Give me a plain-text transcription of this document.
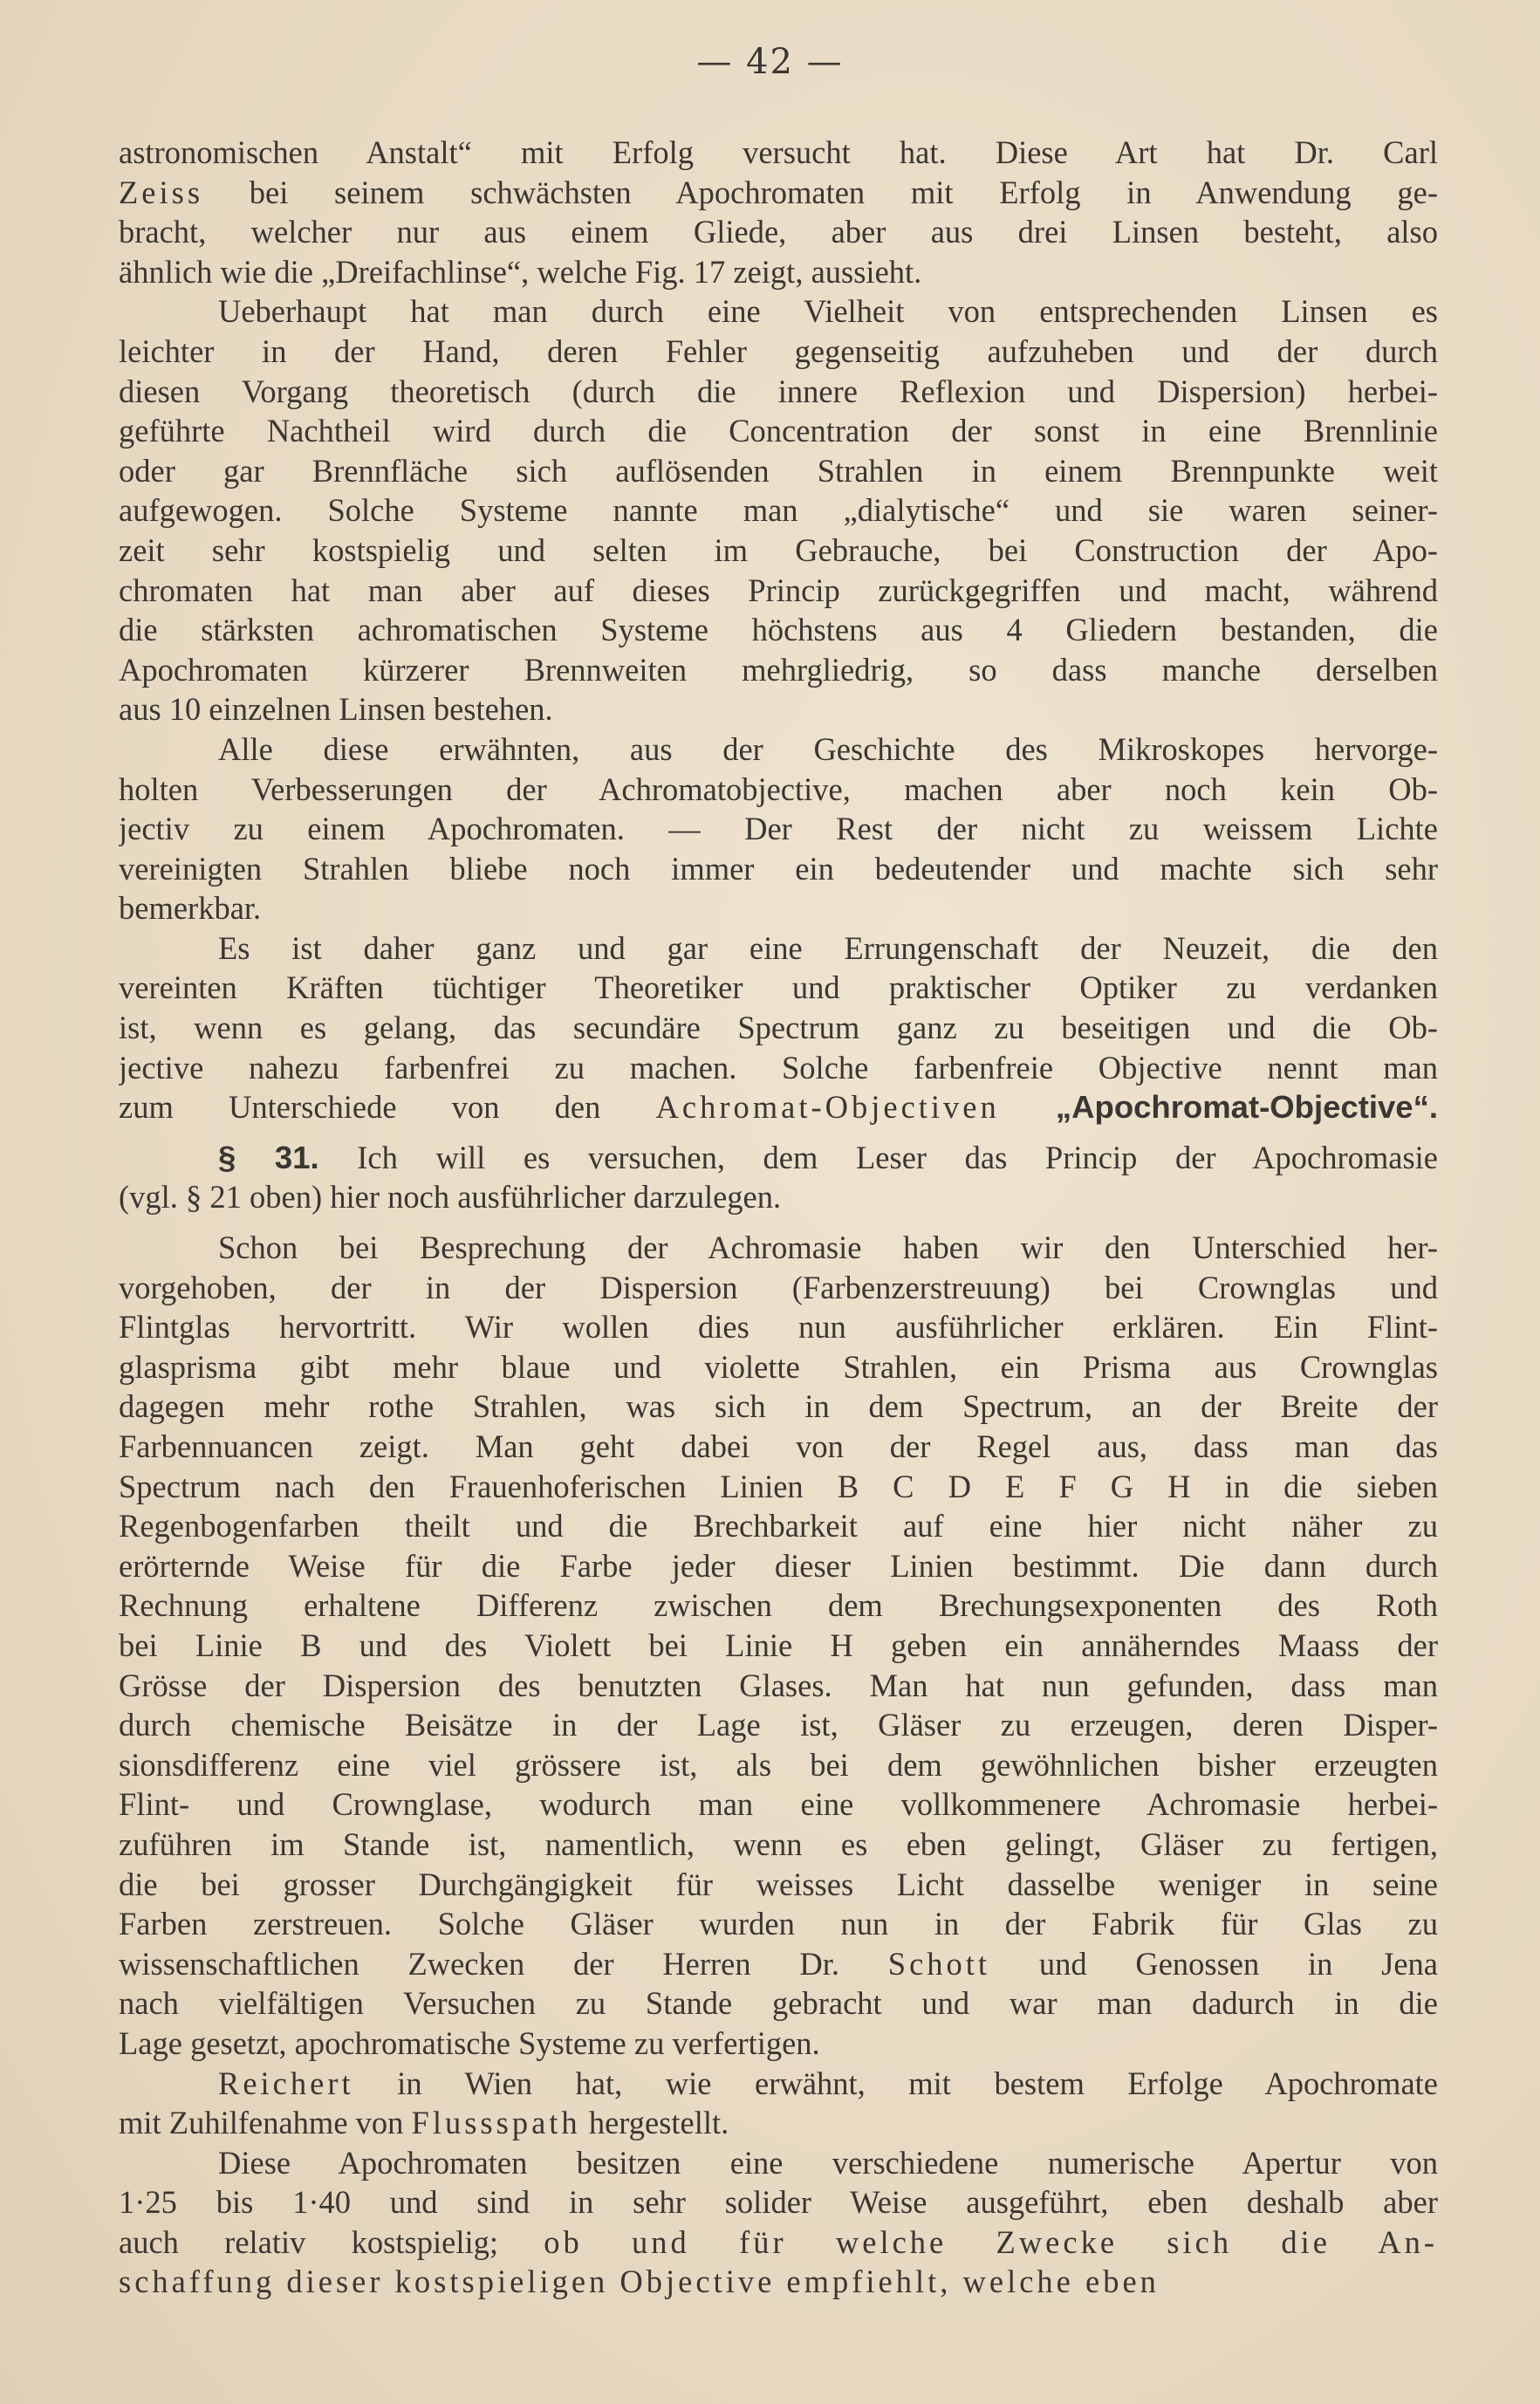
— 42 —

astronomischen Anstalt“ mit Erfolg versucht hat. Diese Art hat Dr. Carl
Zeiss bei seinem schwächsten Apochromaten mit Erfolg in Anwendung ge-
bracht, welcher nur aus einem Gliede, aber aus drei Linsen besteht, also
ähnlich wie die „Dreifachlinse“, welche Fig. 17 zeigt, aussieht.

Ueberhaupt hat man durch eine Vielheit von entsprechenden Linsen es
leichter in der Hand, deren Fehler gegenseitig aufzuheben und der durch
diesen Vorgang theoretisch (durch die innere Reflexion und Dispersion) herbei-
geführte Nachtheil wird durch die Concentration der sonst in eine Brennlinie
oder gar Brennfläche sich auflösenden Strahlen in einem Brennpunkte weit
aufgewogen. Solche Systeme nannte man „dialytische“ und sie waren seiner-
zeit sehr kostspielig und selten im Gebrauche, bei Construction der Apo-
chromaten hat man aber auf dieses Princip zurückgegriffen und macht, während
die stärksten achromatischen Systeme höchstens aus 4 Gliedern bestanden, die
Apochromaten kürzerer Brennweiten mehrgliedrig, so dass manche derselben
aus 10 einzelnen Linsen bestehen.

Alle diese erwähnten, aus der Geschichte des Mikroskopes hervorge-
holten Verbesserungen der Achromatobjective, machen aber noch kein Ob-
jectiv zu einem Apochromaten. — Der Rest der nicht zu weissem Lichte
vereinigten Strahlen bliebe noch immer ein bedeutender und machte sich sehr
bemerkbar.

Es ist daher ganz und gar eine Errungenschaft der Neuzeit, die den
vereinten Kräften tüchtiger Theoretiker und praktischer Optiker zu verdanken
ist, wenn es gelang, das secundäre Spectrum ganz zu beseitigen und die Ob-
jective nahezu farbenfrei zu machen. Solche farbenfreie Objective nennt man
zum Unterschiede von den Achromat-Objectiven „Apochromat-Objective“.

§ 31. Ich will es versuchen, dem Leser das Princip der Apochromasie
(vgl. § 21 oben) hier noch ausführlicher darzulegen.

Schon bei Besprechung der Achromasie haben wir den Unterschied her-
vorgehoben, der in der Dispersion (Farbenzerstreuung) bei Crownglas und
Flintglas hervortritt. Wir wollen dies nun ausführlicher erklären. Ein Flint-
glasprisma gibt mehr blaue und violette Strahlen, ein Prisma aus Crownglas
dagegen mehr rothe Strahlen, was sich in dem Spectrum, an der Breite der
Farbennuancen zeigt. Man geht dabei von der Regel aus, dass man das
Spectrum nach den Frauenhoferischen Linien B C D E F G H in die sieben
Regenbogenfarben theilt und die Brechbarkeit auf eine hier nicht näher zu
erörternde Weise für die Farbe jeder dieser Linien bestimmt. Die dann durch
Rechnung erhaltene Differenz zwischen dem Brechungsexponenten des Roth
bei Linie B und des Violett bei Linie H geben ein annäherndes Maass der
Grösse der Dispersion des benutzten Glases. Man hat nun gefunden, dass man
durch chemische Beisätze in der Lage ist, Gläser zu erzeugen, deren Disper-
sionsdifferenz eine viel grössere ist, als bei dem gewöhnlichen bisher erzeugten
Flint- und Crownglase, wodurch man eine vollkommenere Achromasie herbei-
zuführen im Stande ist, namentlich, wenn es eben gelingt, Gläser zu fertigen,
die bei grosser Durchgängigkeit für weisses Licht dasselbe weniger in seine
Farben zerstreuen. Solche Gläser wurden nun in der Fabrik für Glas zu
wissenschaftlichen Zwecken der Herren Dr. Schott und Genossen in Jena
nach vielfältigen Versuchen zu Stande gebracht und war man dadurch in die
Lage gesetzt, apochromatische Systeme zu verfertigen.

Reichert in Wien hat, wie erwähnt, mit bestem Erfolge Apochromate
mit Zuhilfenahme von Flussspath hergestellt.

Diese Apochromaten besitzen eine verschiedene numerische Apertur von
1·25 bis 1·40 und sind in sehr solider Weise ausgeführt, eben deshalb aber
auch relativ kostspielig; ob und für welche Zwecke sich die An-
schaffung dieser kostspieligen Objective empfiehlt, welche eben
